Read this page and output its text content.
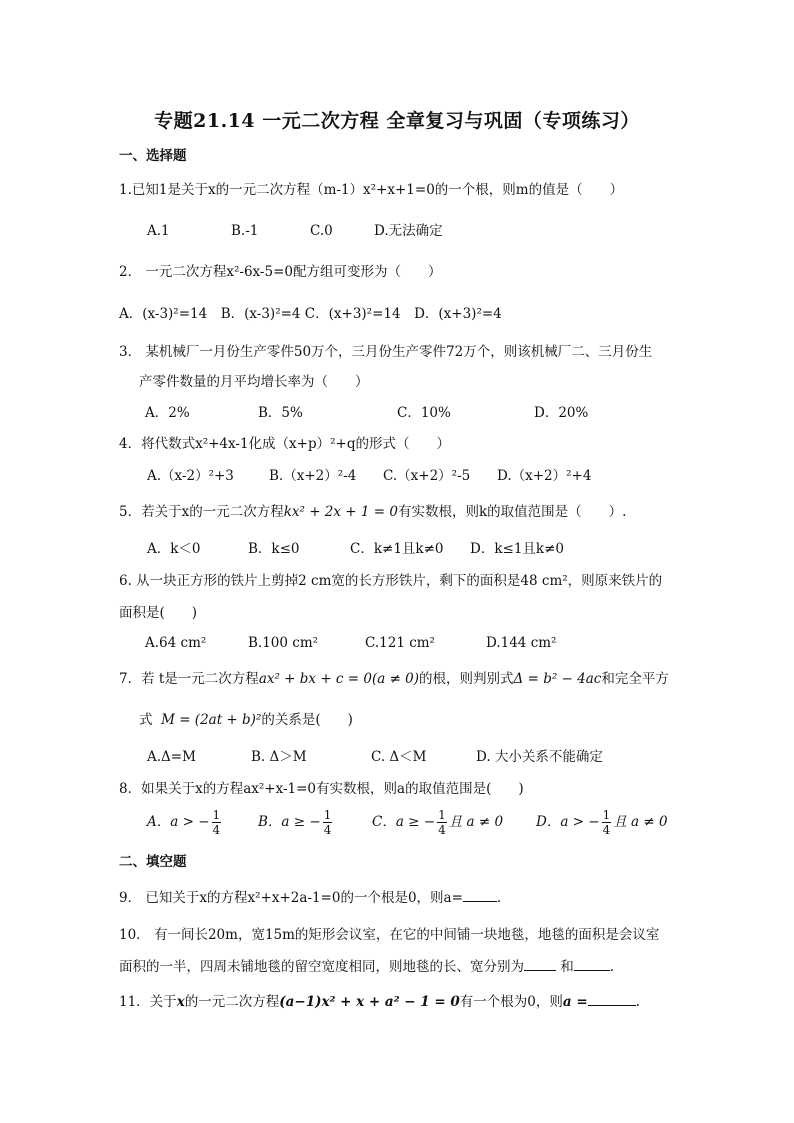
专题21.14 一元二次方程 全章复习与巩固（专项练习）
一、选择题
1.已知1是关于x的一元二次方程（m-1）x²+x+1=0的一个根，则m的值是（　　）
A.1	B.-1	C.0	D.无法确定
2． 一元二次方程x²-6x-5=0配方组可变形为（　　）
A．(x-3)²=14　B．(x-3)²=4 C．(x+3)²=14　D．(x+3)²=4
3． 某机械厂一月份生产零件50万个，三月份生产零件72万个，则该机械厂二、三月份生
产零件数量的月平均增长率为（　　）
A．2%	B．5%	C．10%	D．20%
4．将代数式x²+4x-1化成（x+p）²+q的形式（　　）
A.（x-2）²+3	B.（x+2）²-4 C.（x+2）²-5 D.（x+2）²+4
5．若关于x的一元二次方程kx² + 2x + 1 = 0有实数根，则k的取值范围是（　　）.
A．k＜0	B．k≤0	C．k≠1且k≠0 D．k≤1且k≠0
6. 从一块正方形的铁片上剪掉2 cm宽的长方形铁片，剩下的面积是48 cm²，则原来铁片的
面积是(　　)
A.64 cm²	B.100 cm²	C.121 cm²	D.144 cm²
7．若 t是一元二次方程ax² + bx + c = 0(a ≠ 0)的根，则判别式Δ = b² − 4ac和完全平方
式 M = (2at + b)²的关系是(　　)
A.Δ=M	B. Δ＞M	C. Δ＜M	D. 大小关系不能确定
8．如果关于x的方程ax²+x-1=0有实数根，则a的取值范围是(　　)
A．a > − $\frac{1}{4}$	B．a ≥ − $\frac{1}{4}$	C．a ≥ − $\frac{1}{4}$ 且 a ≠ 0 D．a > − $\frac{1}{4}$ 且 a ≠ 0
二、填空题
9． 已知关于x的方程x²+x+2a-1=0的一个根是0，则a=	.
10． 有一间长20m，宽15m的矩形会议室，在它的中间铺一块地毯，地毯的面积是会议室
面积的一半，四周未铺地毯的留空宽度相同，则地毯的长、宽分别为 和	.
11．关于x的一元二次方程(a−1)x² + x + a² − 1 = 0有一个根为0，则a =	.
